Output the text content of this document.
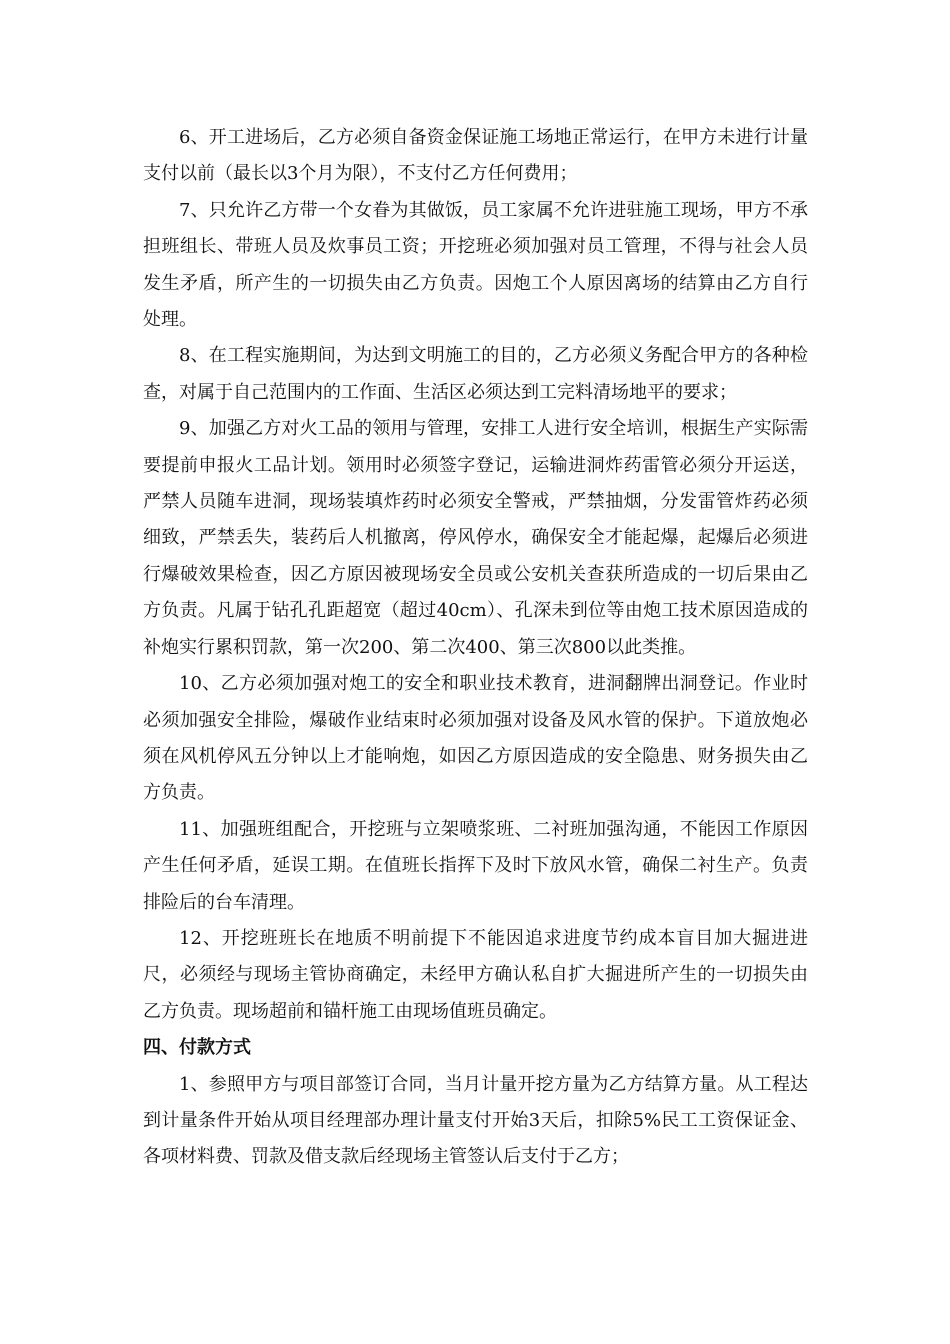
6、开工进场后，乙方必须自备资金保证施工场地正常运行，在甲方未进行计量支付以前（最长以3个月为限），不支付乙方任何费用；

7、只允许乙方带一个女眷为其做饭，员工家属不允许进驻施工现场，甲方不承担班组长、带班人员及炊事员工资；开挖班必须加强对员工管理，不得与社会人员发生矛盾，所产生的一切损失由乙方负责。因炮工个人原因离场的结算由乙方自行处理。

8、在工程实施期间，为达到文明施工的目的，乙方必须义务配合甲方的各种检查，对属于自己范围内的工作面、生活区必须达到工完料清场地平的要求；

9、加强乙方对火工品的领用与管理，安排工人进行安全培训，根据生产实际需要提前申报火工品计划。领用时必须签字登记，运输进洞炸药雷管必须分开运送，严禁人员随车进洞，现场装填炸药时必须安全警戒，严禁抽烟，分发雷管炸药必须细致，严禁丢失，装药后人机撤离，停风停水，确保安全才能起爆，起爆后必须进行爆破效果检查，因乙方原因被现场安全员或公安机关查获所造成的一切后果由乙方负责。凡属于钻孔孔距超宽（超过40cm）、孔深未到位等由炮工技术原因造成的补炮实行累积罚款，第一次200、第二次400、第三次800以此类推。

10、乙方必须加强对炮工的安全和职业技术教育，进洞翻牌出洞登记。作业时必须加强安全排险，爆破作业结束时必须加强对设备及风水管的保护。下道放炮必须在风机停风五分钟以上才能响炮，如因乙方原因造成的安全隐患、财务损失由乙方负责。

11、加强班组配合，开挖班与立架喷浆班、二衬班加强沟通，不能因工作原因产生任何矛盾，延误工期。在值班长指挥下及时下放风水管，确保二衬生产。负责排险后的台车清理。

12、开挖班班长在地质不明前提下不能因追求进度节约成本盲目加大掘进进尺，必须经与现场主管协商确定，未经甲方确认私自扩大掘进所产生的一切损失由乙方负责。现场超前和锚杆施工由现场值班员确定。

四、付款方式

1、参照甲方与项目部签订合同，当月计量开挖方量为乙方结算方量。从工程达到计量条件开始从项目经理部办理计量支付开始3天后，扣除5%民工工资保证金、各项材料费、罚款及借支款后经现场主管签认后支付于乙方；
